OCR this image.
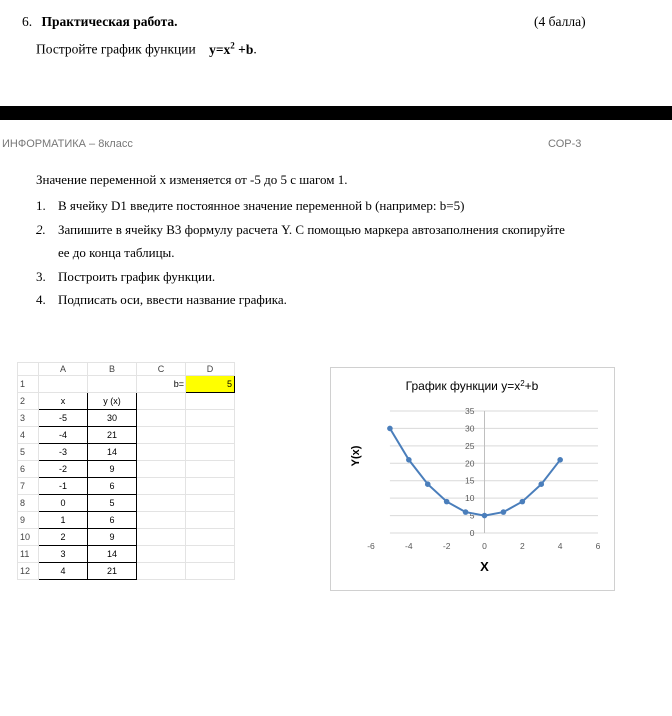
6. Практическая работа.	(4 балла)
Постройте график функции $y=x^2 +b$.
ИНФОРМАТИКА – 8класс	СОР-3
Значение переменной x изменяется от -5 до 5 с шагом 1.
1. В ячейку D1 введите постоянное значение переменной b (например: b=5)
2. Запишите в ячейку B3 формулу расчета Y. С помощью маркера автозаполнения скопируйте
ее до конца таблицы.
3. Построить график функции.
4. Подписать оси, ввести название графика.
	A	B	C	D
1			b=	5
2	x	y (x)		
3	-5	30		
4	-4	21		
5	-3	14		
6	-2	9		
7	-1	6		
8	0	5		
9	1	6		
10	2	9		
11	3	14		
12	4	21		
График функции $y=x^2+b$
0
5
10
15
20
25
30
35
-6	-4	-2	0	2	4	6
X
Y(x)
